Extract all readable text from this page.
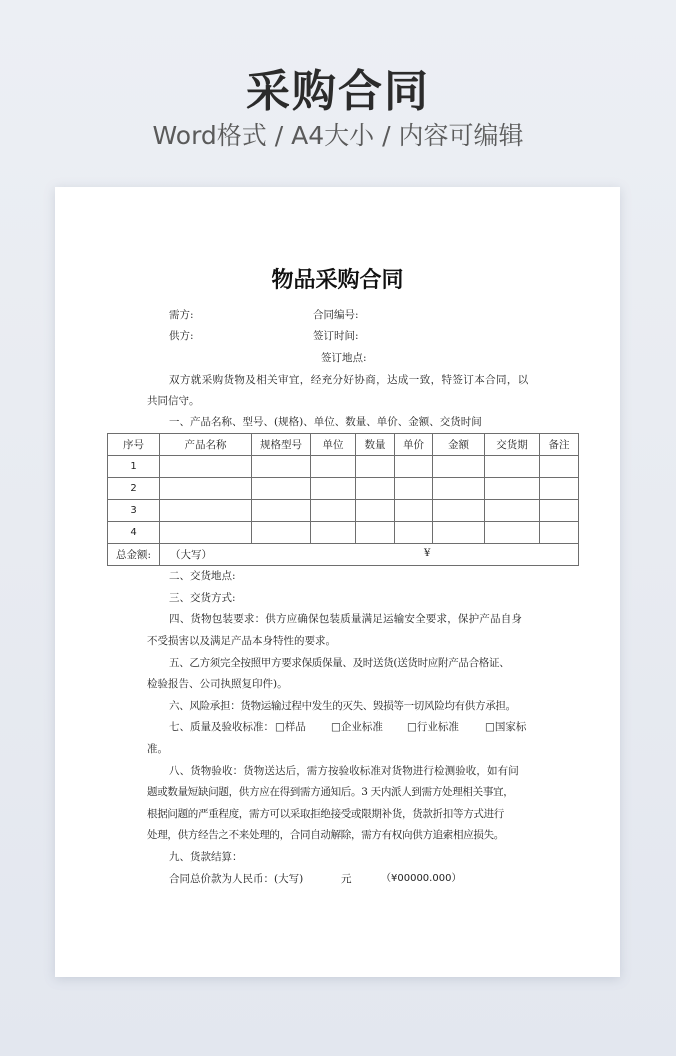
采购合同
Word格式 / A4大小 / 内容可编辑
物品采购合同
需方:	合同编号:
供方:	签订时间:
签订地点:
双方就采购货物及相关审宜，经充分好协商，达成一致，特签订本合同，以
共同信守。
一、产品名称、型号、(规格)、单位、数量、单价、金额、交货时间
序号	产品名称	规格型号	单位	数量	单价	金额	交货期	备注
1								
2								
3								
4								
总金额:	（大写） ¥							
二、交货地点:
三、交货方式:
四、货物包装要求：供方应确保包装质量满足运输安全要求，保护产品自身
不受损害以及满足产品本身特性的要求。
五、乙方须完全按照甲方要求保质保量、及时送货(送货时应附产品合格证、
检验报告、公司执照复印件)。
六、风险承担：货物运输过程中发生的灭失、毁损等一切风险均有供方承担。
七、质量及验收标准： □样品 □企业标准 □行业标准 □国家标
准。
八、货物验收：货物送达后，需方按验收标准对货物进行检测验收，如有问
题或数量短缺问题，供方应在得到需方通知后。3 天内派人到需方处理相关事宜，
根据问题的严重程度，需方可以采取拒绝接受或限期补货，货款折扣等方式进行
处理，供方经告之不来处理的，合同自动解除，需方有权向供方追索相应损失。
九、货款结算：
合同总价款为人民币：(大写)	元	（¥00000.000）
